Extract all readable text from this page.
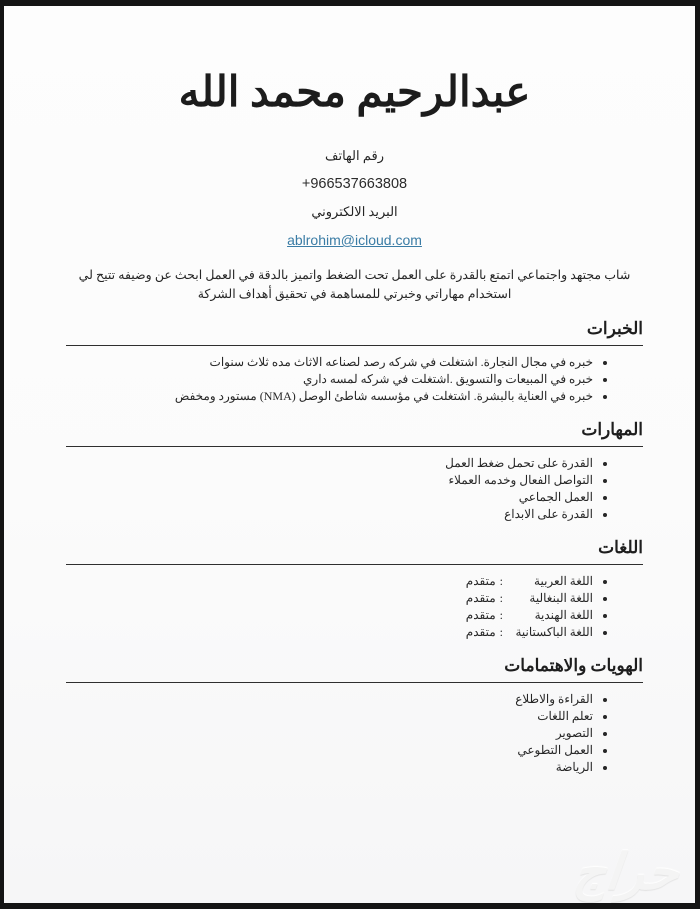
عبدالرحيم محمد الله
رقم الهاتف
+966537663808
البريد الالكتروني
ablrohim@icloud.com

شاب مجتهد واجتماعي اتمتع بالقدرة على العمل تحت الضغط واتميز بالدقة في العمل ابحث عن وضيفه تتيح لي استخدام مهاراتي وخبرتي للمساهمة في تحقيق أهداف الشركة

الخبرات
• خبره في مجال النجارة. اشتغلت في شركه رصد لصناعه الاثاث مده ثلاث سنوات
• خبره في المبيعات والتسويق .اشتغلت في شركه لمسه داري
• خبره في العناية بالبشرة. اشتغلت في مؤسسه شاطئ الوصل (NMA) مستورد ومخفض
المهارات
• القدرة على تحمل ضغط العمل
• التواصل الفعال وخدمه العملاء
• العمل الجماعي
• القدرة على الابداع
اللغات
• اللغة العربية:متقدم
• اللغة البنغالية:متقدم
• اللغة الهندية:متقدم
• اللغة الباكستانية:متقدم
الهويات والاهتمامات
• القراءة والاطلاع
• تعلم اللغات
• التصوير
• العمل التطوعي
• الرياضة
حراج
